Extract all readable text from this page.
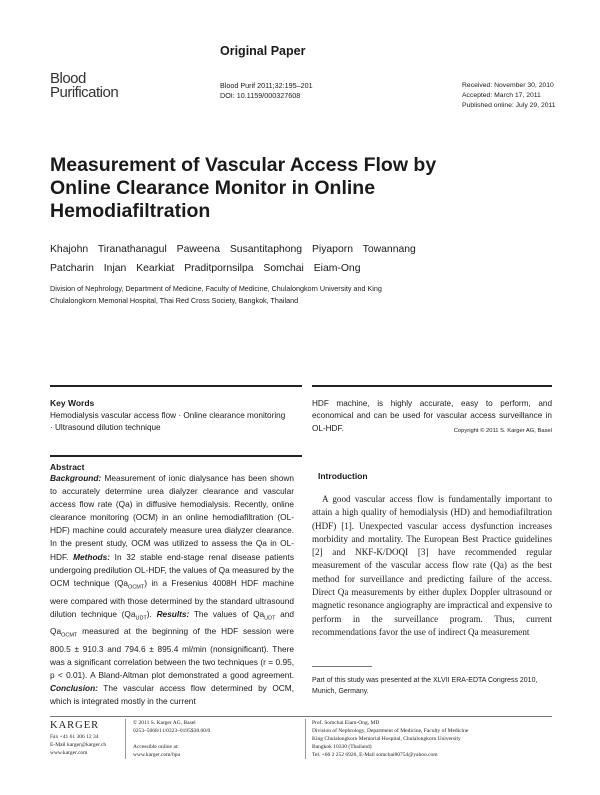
Original Paper
Blood
Purification	Blood Purif 2011;32:195–201
DOI: 10.1159/000327608
Received: November 30, 2010
Accepted: March 17, 2011
Published online: July 29, 2011
Measurement of Vascular Access Flow by Online Clearance Monitor in Online Hemodiafiltration
Khajohn Tiranathanagul Paweena Susantitaphong Piyaporn Towannang
Patcharin Injan Kearkiat Praditpornsilpa Somchai Eiam-Ong
Division of Nephrology, Department of Medicine, Faculty of Medicine, Chulalongkorn University and King Chulalongkorn Memorial Hospital, Thai Red Cross Society, Bangkok, Thailand
Key Words
Hemodialysis vascular access flow · Online clearance monitoring · Ultrasound dilution technique
HDF machine, is highly accurate, easy to perform, and economical and can be used for vascular access surveillance in OL-HDF.	Copyright © 2011 S. Karger AG, Basel
Abstract
Background: Measurement of ionic dialysance has been shown to accurately determine urea dialyzer clearance and vascular access flow rate (Qa) in diffusive hemodialysis. Recently, online clearance monitoring (OCM) in an online hemodiafiltration (OL-HDF) machine could accurately measure urea dialyzer clearance. In the present study, OCM was utilized to assess the Qa in OL-HDF. Methods: In 32 stable end-stage renal disease patients undergoing predilution OL-HDF, the values of Qa measured by the OCM technique $(Qa_{OCMT})$ in a Fresenius 4008H HDF machine were compared with those determined by the standard ultrasound dilution technique $(Qa_{UDT})$. Results: The values of $Qa_{UDT}$ and $Qa_{OCMT}$ measured at the beginning of the HDF session were 800.5 ± 910.3 and 794.6 ± 895.4 ml/min (nonsignificant). There was a significant correlation between the two techniques (r = 0.95, p < 0.01). A Bland-Altman plot demonstrated a good agreement. Conclusion: The vascular access flow determined by OCM, which is integrated mostly in the current
Introduction
A good vascular access flow is fundamentally important to attain a high quality of hemodialysis (HD) and hemodiafiltration (HDF) [1]. Unexpected vascular access dysfunction increases morbidity and mortality. The European Best Practice guidelines [2] and NKF-K/DOQI [3] have recommended regular measurement of the vascular access flow rate (Qa) as the best method for surveillance and predicting failure of the access. Direct Qa measurements by either duplex Doppler ultrasound or magnetic resonance angiography are impractical and expensive to perform in the surveillance program. Thus, current recommendations favor the use of indirect Qa measurement
Part of this study was presented at the XLVII ERA-EDTA Congress 2010, Munich, Germany.
KARGER
Fax +41 61 306 12 34
E-Mail karger@karger.ch
www.karger.com
© 2011 S. Karger AG, Basel
0253–5068/11/0323–0195$38.00/0
Accessible online at:
www.karger.com/bpu
Prof. Somchai Eiam-Ong, MD
Division of Nephrology, Department of Medicine, Faculty of Medicine
King Chulalongkorn Memorial Hospital, Chulalongkorn University
Bangkok 10330 (Thailand)
Tel. +66 2 252 6920, E-Mail somchai80754@yahoo.com
